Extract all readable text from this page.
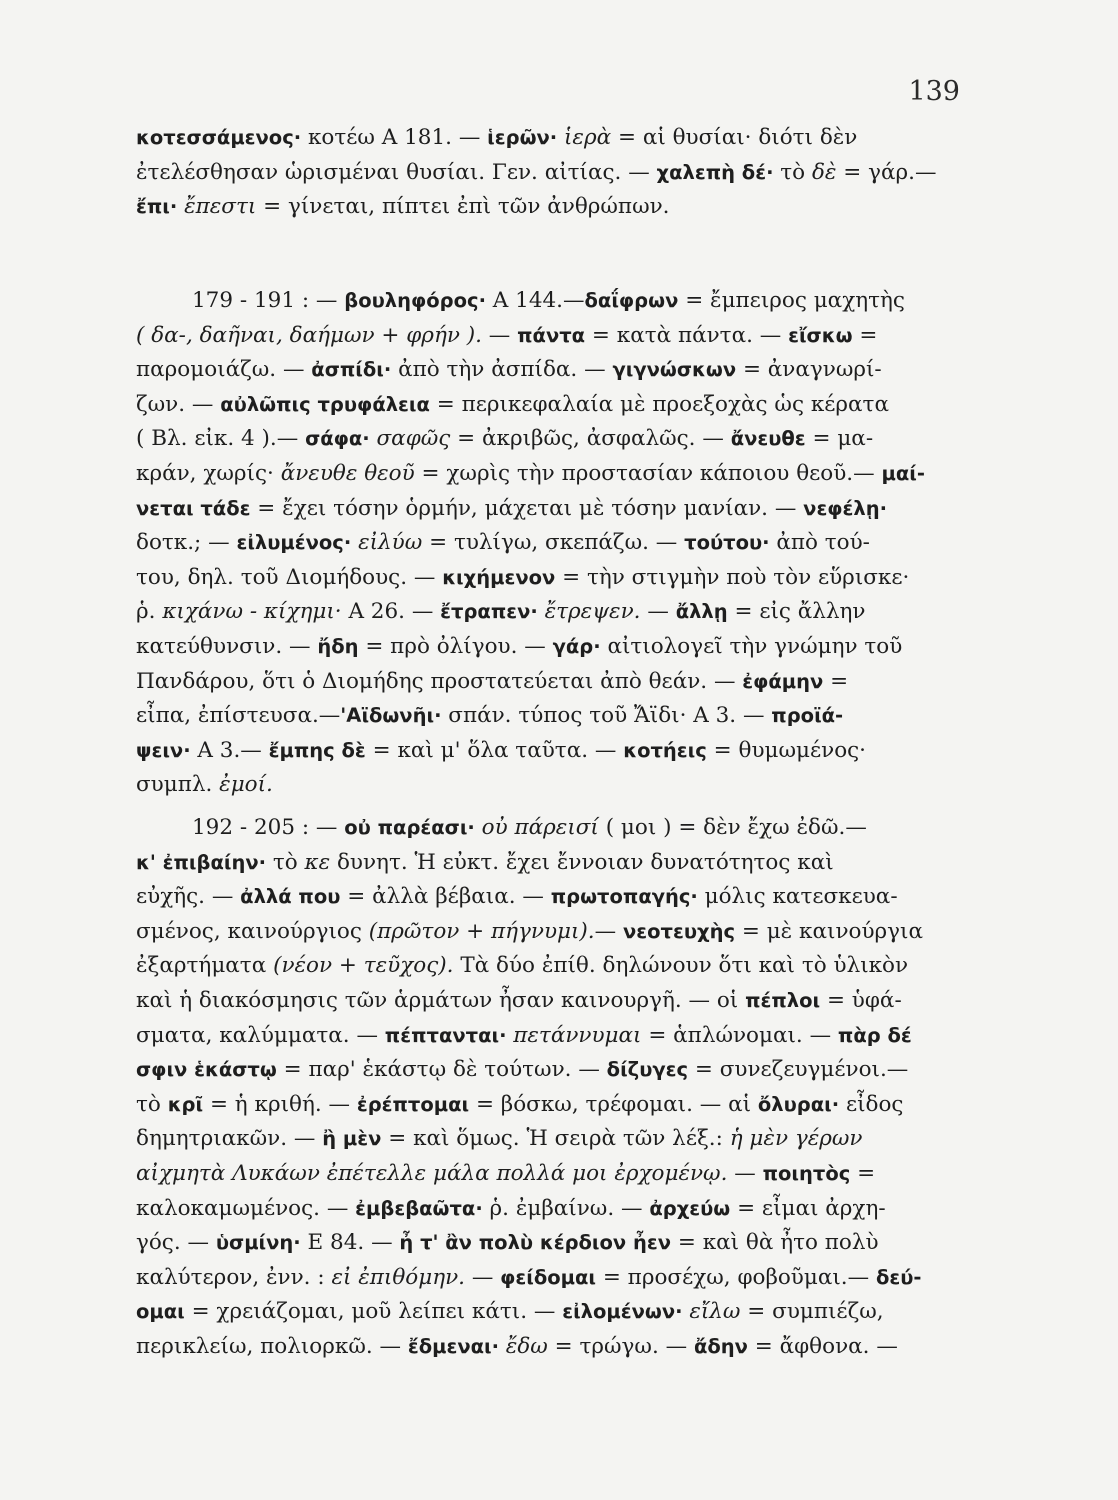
139
κοτεσσάμενος· κοτέω Α 181. — ἱερῶν· ἱερὰ = αἱ θυσίαι· διότι δὲν
ἐτελέσθησαν ὡρισμέναι θυσίαι. Γεν. αἰτίας. — χαλεπὴ δέ· τὸ δὲ = γάρ.—
ἔπι· ἔπεστι = γίνεται, πίπτει ἐπὶ τῶν ἀνθρώπων.
179 - 191 : — βουληφόρος· Α 144.—δαΐφρων = ἔμπειρος μαχητὴς
( δα-, δαῆναι, δαήμων + φρήν ). — πάντα = κατὰ πάντα. — εἴσκω =
παρομοιάζω. — ἀσπίδι· ἀπὸ τὴν ἀσπίδα. — γιγνώσκων = ἀναγνωρί-
ζων. — αὐλῶπις τρυφάλεια = περικεφαλαία μὲ προεξοχὰς ὡς κέρατα
( Βλ. εἰκ. 4 ).— σάφα· σαφῶς = ἀκριβῶς, ἀσφαλῶς. — ἄνευθε = μα-
κράν, χωρίς· ἄνευθε θεοῦ = χωρὶς τὴν προστασίαν κάποιου θεοῦ.— μαί-
νεται τάδε = ἔχει τόσην ὁρμήν, μάχεται μὲ τόσην μανίαν. — νεφέλῃ·
δοτκ.; — εἰλυμένος· εἰλύω = τυλίγω, σκεπάζω. — τούτου· ἀπὸ τού-
του, δηλ. τοῦ Διομήδους. — κιχήμενον = τὴν στιγμὴν ποὺ τὸν εὕρισκε·
ῥ. κιχάνω - κίχημι· Α 26. — ἔτραπεν· ἔτρεψεν. — ἄλλῃ = εἰς ἄλλην
κατεύθυνσιν. — ἤδη = πρὸ ὀλίγου. — γάρ· αἰτιολογεῖ τὴν γνώμην τοῦ
Πανδάρου, ὅτι ὁ Διομήδης προστατεύεται ἀπὸ θεάν. — ἐφάμην =
εἶπα, ἐπίστευσα.—'Αϊδωνῆι· σπάν. τύπος τοῦ Ἄϊδι· Α 3. — προϊά-
ψειν· Α 3.— ἔμπης δὲ = καὶ μ' ὅλα ταῦτα. — κοτήεις = θυμωμένος·
συμπλ. ἐμοί.
192 - 205 : — οὐ παρέασι· οὐ πάρεισί ( μοι ) = δὲν ἔχω ἐδῶ.—
κ' ἐπιβαίην· τὸ κε δυνητ. Ἡ εὐκτ. ἔχει ἔννοιαν δυνατότητος καὶ
εὐχῆς. — ἀλλά που = ἀλλὰ βέβαια. — πρωτοπαγής· μόλις κατεσκευα-
σμένος, καινούργιος (πρῶτον + πήγνυμι).— νεοτευχὴς = μὲ καινούργια
ἐξαρτήματα (νέον + τεῦχος). Τὰ δύο ἐπίθ. δηλώνουν ὅτι καὶ τὸ ὑλικὸν
καὶ ἡ διακόσμησις τῶν ἁρμάτων ἦσαν καινουργῆ. — οἱ πέπλοι = ὑφά-
σματα, καλύμματα. — πέπτανται· πετάννυμαι = ἁπλώνομαι. — πὰρ δέ
σφιν ἑκάστῳ = παρ' ἑκάστῳ δὲ τούτων. — δίζυγες = συνεζευγμένοι.—
τὸ κρῖ = ἡ κριθή. — ἐρέπτομαι = βόσκω, τρέφομαι. — αἱ ὄλυραι· εἶδος
δημητριακῶν. — ἢ μὲν = καὶ ὅμως. Ἡ σειρὰ τῶν λέξ.: ἡ μὲν γέρων
αἰχμητὰ Λυκάων ἐπέτελλε μάλα πολλά μοι ἐρχομένῳ. — ποιητὸς =
καλοκαμωμένος. — ἐμβεβαῶτα· ῥ. ἐμβαίνω. — ἀρχεύω = εἶμαι ἀρχη-
γός. — ὑσμίνη· Ε 84. — ἦ τ' ἂν πολὺ κέρδιον ἦεν = καὶ θὰ ἦτο πολὺ
καλύτερον, ἐνν. : εἰ ἐπιθόμην. — φείδομαι = προσέχω, φοβοῦμαι.— δεύ-
ομαι = χρειάζομαι, μοῦ λείπει κάτι. — εἰλομένων· εἴλω = συμπιέζω,
περικλείω, πολιορκῶ. — ἔδμεναι· ἔδω = τρώγω. — ἄδην = ἄφθονα. —
